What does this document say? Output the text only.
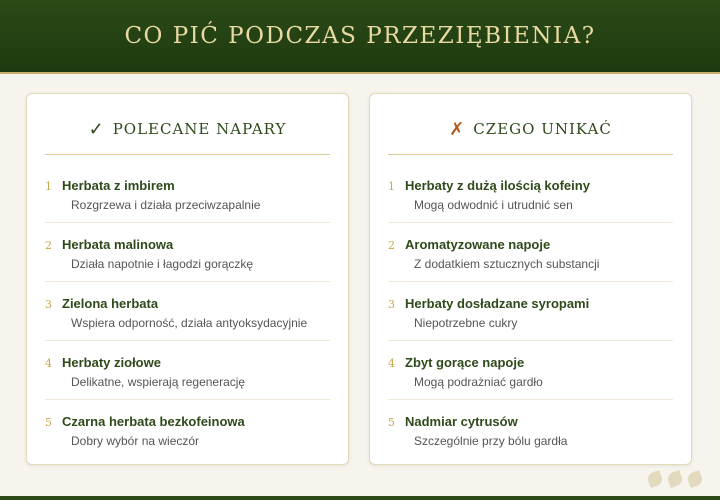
CO PIĆ PODCZAS PRZEZIĘBIENIA?
✓ POLECANE NAPARY
1 Herbata z imbirem
Rozgrzewa i działa przeciwzapalnie
2 Herbata malinowa
Działa napotnie i łagodzi gorączkę
3 Zielona herbata
Wspiera odporność, działa antyoksydacyjnie
4 Herbaty ziołowe
Delikatne, wspierają regenerację
5 Czarna herbata bezkofeinowa
Dobry wybór na wieczór
✗ CZEGO UNIKAĆ
1 Herbaty z dużą ilością kofeiny
Mogą odwodnić i utrudnić sen
2 Aromatyzowane napoje
Z dodatkiem sztucznych substancji
3 Herbaty dosładzane syropami
Niepotrzebne cukry
4 Zbyt gorące napoje
Mogą podrażniać gardło
5 Nadmiar cytrusów
Szczególnie przy bólu gardła
